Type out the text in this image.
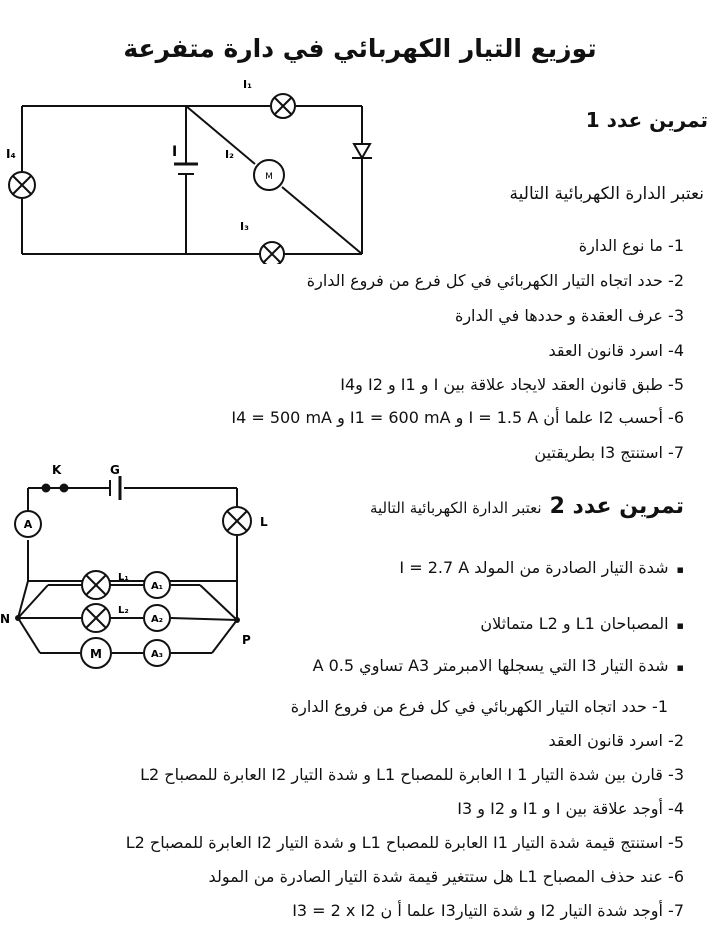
توزيع التيار الكهربائي في دارة متفرعة
M
I₁
I₄	I	I₂
I₃
تمرين عدد 1
نعتبر الدارة الكهربائية التالية
1- ما نوع الدارة
2- حدد اتجاه التيار الكهربائي في كل فرع من فروع الدارة
3- عرف العقدة و حددها في الدارة
4- اسرد قانون العقد
5- طبق قانون العقد لايجاد علاقة بين I و I1 و I2 وI4
6- أحسب I2 علما أن I = 1.5 A و I1 = 600 mA و I4 = 500 mA
7- استنتج I3 بطريقتين
A
M
A₁
A₂
A₃
K	G
L
N
P
L₁
L₂
تمرين عدد 2نعتبر الدارة الكهربائية التالية
▪ شدة التيار الصادرة من المولد I = 2.7 A
▪ المصباحان L1 و L2 متماثلان
▪ شدة التيار I3 التي يسجلها الامبرمتر A3 تساوي 0.5 A
1- حدد اتجاه التيار الكهربائي في كل فرع من فروع الدارة
2- اسرد قانون العقد
3- قارن بين شدة التيار I 1 العابرة للمصباح L1 و شدة التيار I2 العابرة للمصباح L2
4- أوجد علاقة بين I و I1 و I2 و I3
5- استنتج قيمة شدة التيار I1 العابرة للمصباح L1 و شدة التيار I2 العابرة للمصباح L2
6- عند حذف المصباح L1 هل ستتغير قيمة شدة التيار الصادرة من المولد
7- أوجد شدة التيار I2 و شدة التيارI3 علما أ ن I3 = 2 x I2
